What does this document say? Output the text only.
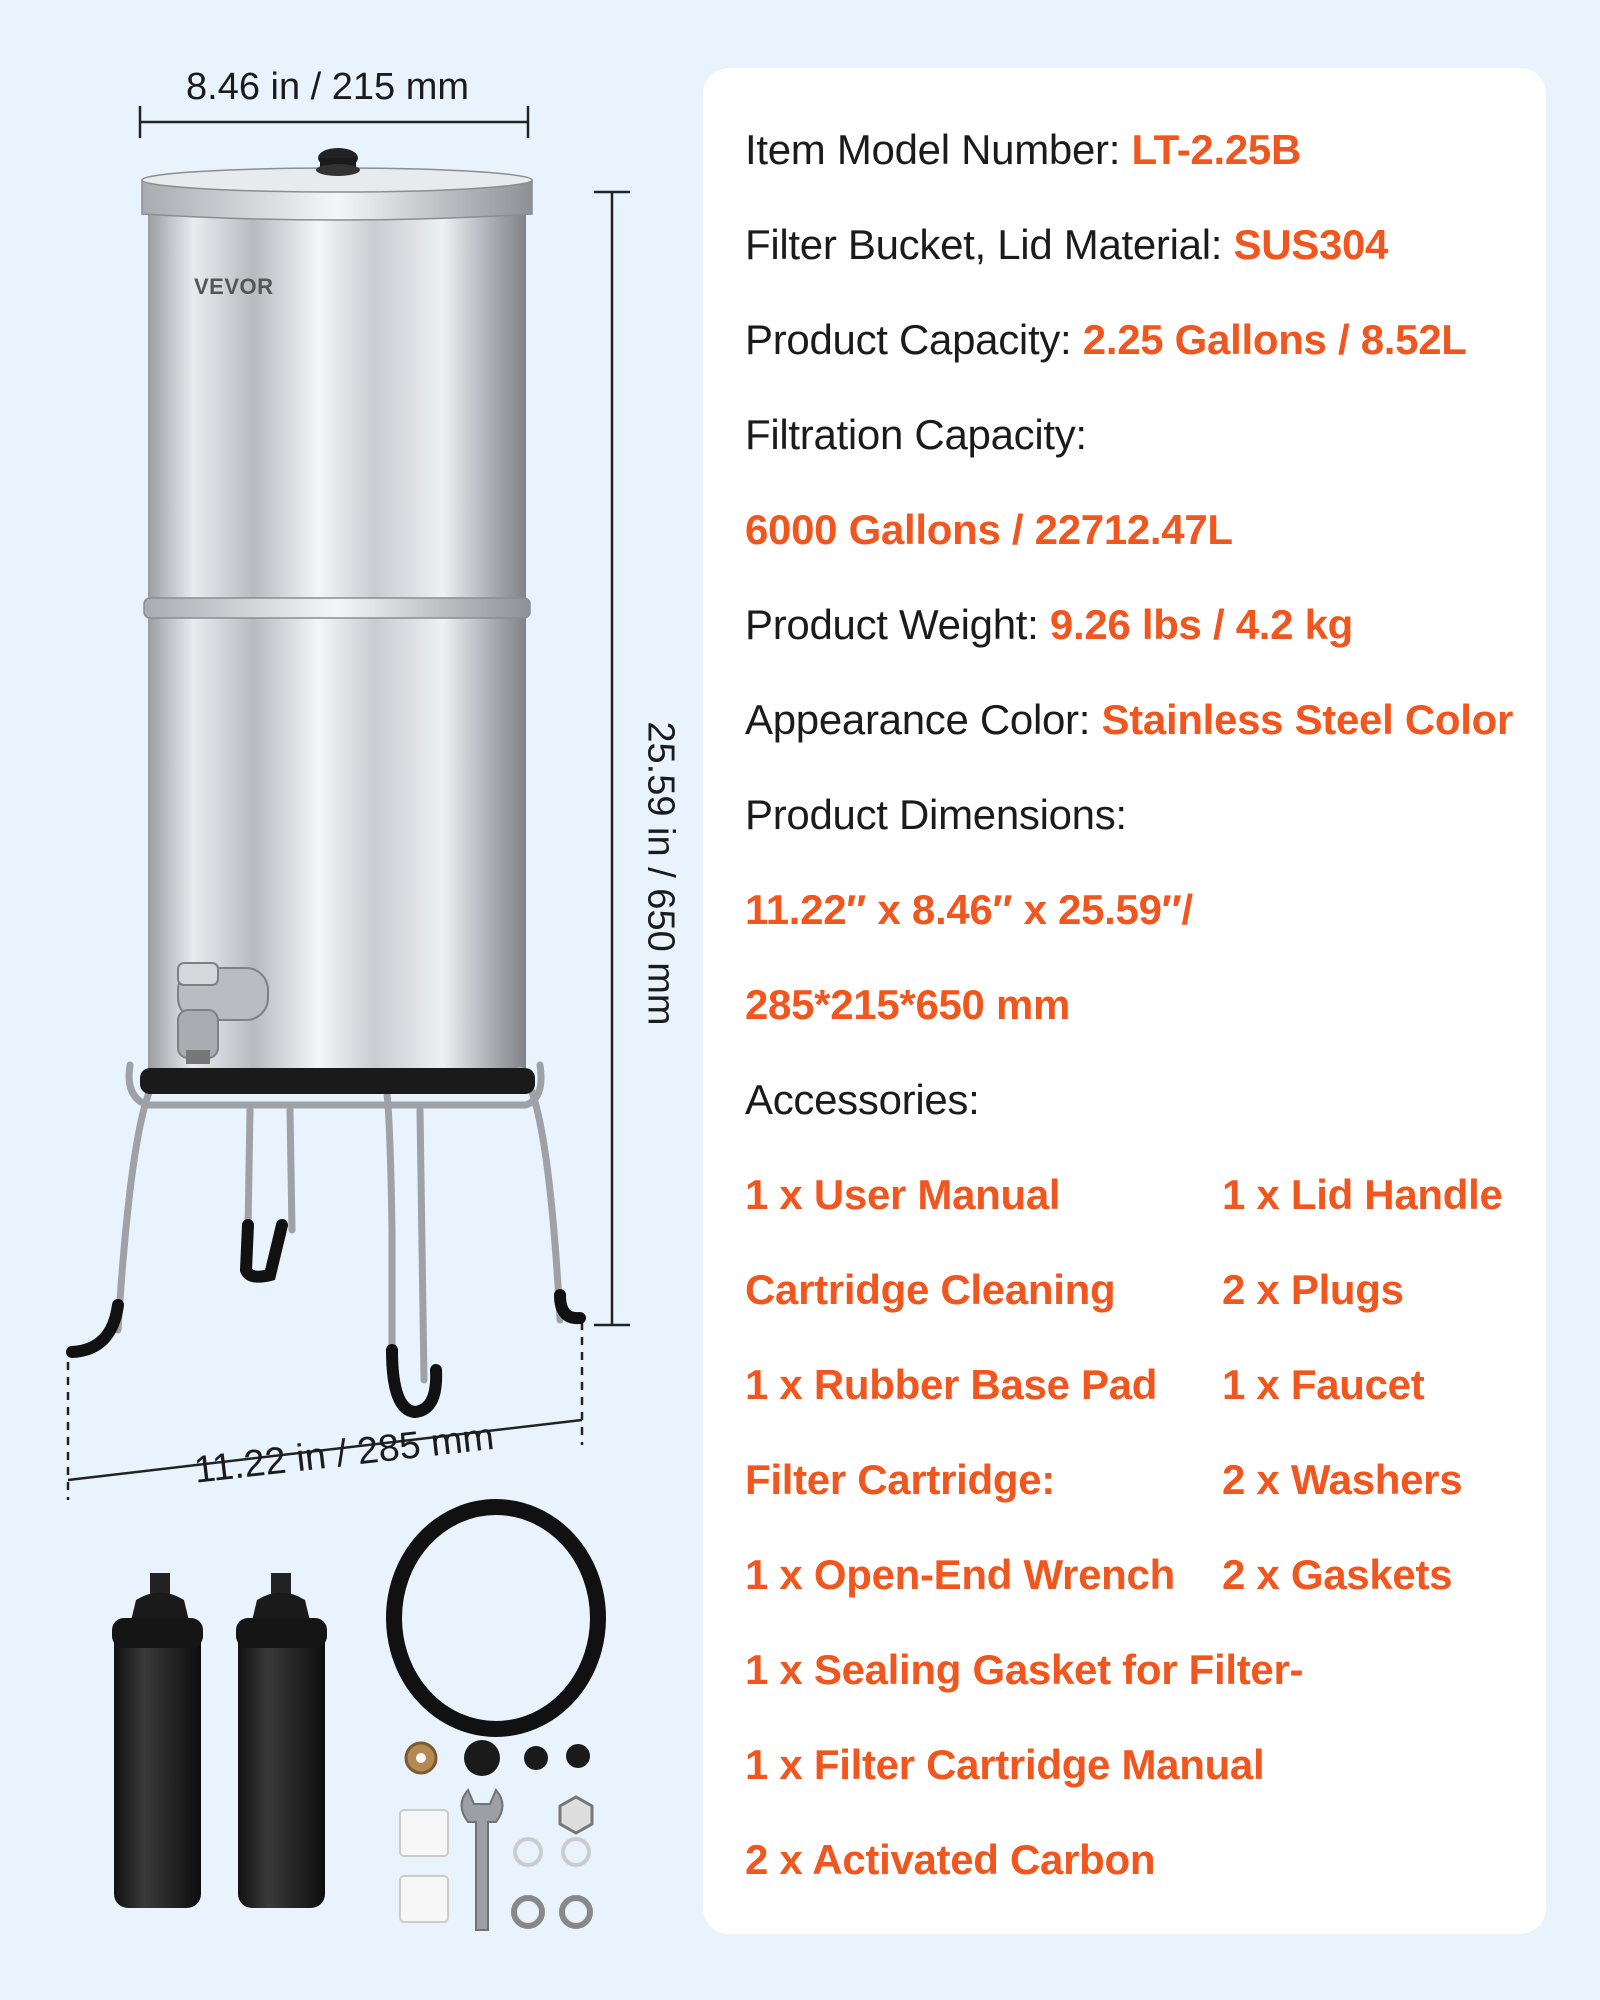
VEVOR
8.46 in / 215 mm
25.59 in / 650 mm
11.22 in / 285 mm
Item Model Number: LT-2.25B
Filter Bucket, Lid Material: SUS304
Product Capacity: 2.25 Gallons / 8.52L
Filtration Capacity:
6000 Gallons / 22712.47L
Product Weight: 9.26 lbs / 4.2 kg
Appearance Color: Stainless Steel Color
Product Dimensions:
11.22″ x 8.46″ x 25.59″/
285*215*650 mm
Accessories:
1 x User Manual
Cartridge Cleaning
1 x Rubber Base Pad
Filter Cartridge:
1 x Open-End Wrench
1 x Sealing Gasket for Filter-
1 x Filter Cartridge Manual
2 x Activated Carbon
1 x Lid Handle
2 x Plugs
1 x Faucet
2 x Washers
2 x Gaskets
